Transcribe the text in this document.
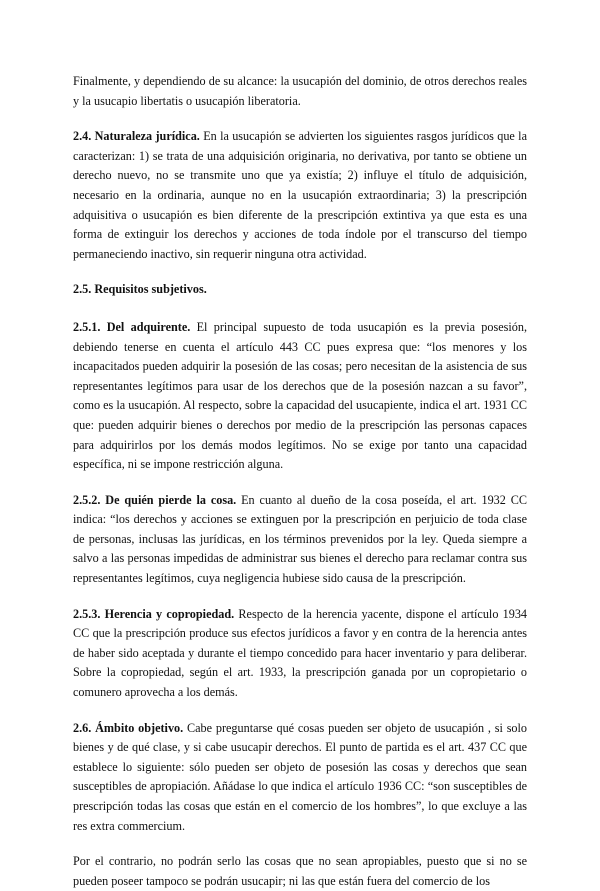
Finalmente, y dependiendo de su alcance: la usucapión del dominio, de otros derechos reales y la usucapio libertatis o usucapión liberatoria.

2.4. Naturaleza jurídica. En la usucapión se advierten los siguientes rasgos jurídicos que la caracterizan: 1) se trata de una adquisición originaria, no derivativa, por tanto se obtiene un derecho nuevo, no se transmite uno que ya existía; 2) influye el título de adquisición, necesario en la ordinaria, aunque no en la usucapión extraordinaria; 3) la prescripción adquisitiva o usucapión es bien diferente de la prescripción extintiva ya que esta es una forma de extinguir los derechos y acciones de toda índole por el transcurso del tiempo permaneciendo inactivo, sin requerir ninguna otra actividad.

2.5. Requisitos subjetivos.

2.5.1. Del adquirente. El principal supuesto de toda usucapión es la previa posesión, debiendo tenerse en cuenta el artículo 443 CC pues expresa que: “los menores y los incapacitados pueden adquirir la posesión de las cosas; pero necesitan de la asistencia de sus representantes legítimos para usar de los derechos que de la posesión nazcan a su favor”, como es la usucapión. Al respecto, sobre la capacidad del usucapiente, indica el art. 1931 CC que: pueden adquirir bienes o derechos por medio de la prescripción las personas capaces para adquirirlos por los demás modos legítimos. No se exige por tanto una capacidad específica, ni se impone restricción alguna.

2.5.2. De quién pierde la cosa. En cuanto al dueño de la cosa poseída, el art. 1932 CC indica: “los derechos y acciones se extinguen por la prescripción en perjuicio de toda clase de personas, inclusas las jurídicas, en los términos prevenidos por la ley. Queda siempre a salvo a las personas impedidas de administrar sus bienes el derecho para reclamar contra sus representantes legítimos, cuya negligencia hubiese sido causa de la prescripción.

2.5.3. Herencia y copropiedad. Respecto de la herencia yacente, dispone el artículo 1934 CC que la prescripción produce sus efectos jurídicos a favor y en contra de la herencia antes de haber sido aceptada y durante el tiempo concedido para hacer inventario y para deliberar. Sobre la copropiedad, según el art. 1933, la prescripción ganada por un copropietario o comunero aprovecha a los demás.

2.6. Ámbito objetivo. Cabe preguntarse qué cosas pueden ser objeto de usucapión , si solo bienes y de qué clase, y si cabe usucapir derechos. El punto de partida es el art. 437 CC que establece lo siguiente: sólo pueden ser objeto de posesión las cosas y derechos que sean susceptibles de apropiación. Añádase lo que indica el artículo 1936 CC: “son susceptibles de prescripción todas las cosas que están en el comercio de los hombres”, lo que excluye a las res extra commercium.

Por el contrario, no podrán serlo las cosas que no sean apropiables, puesto que si no se pueden poseer tampoco se podrán usucapir; ni las que están fuera del comercio de los
